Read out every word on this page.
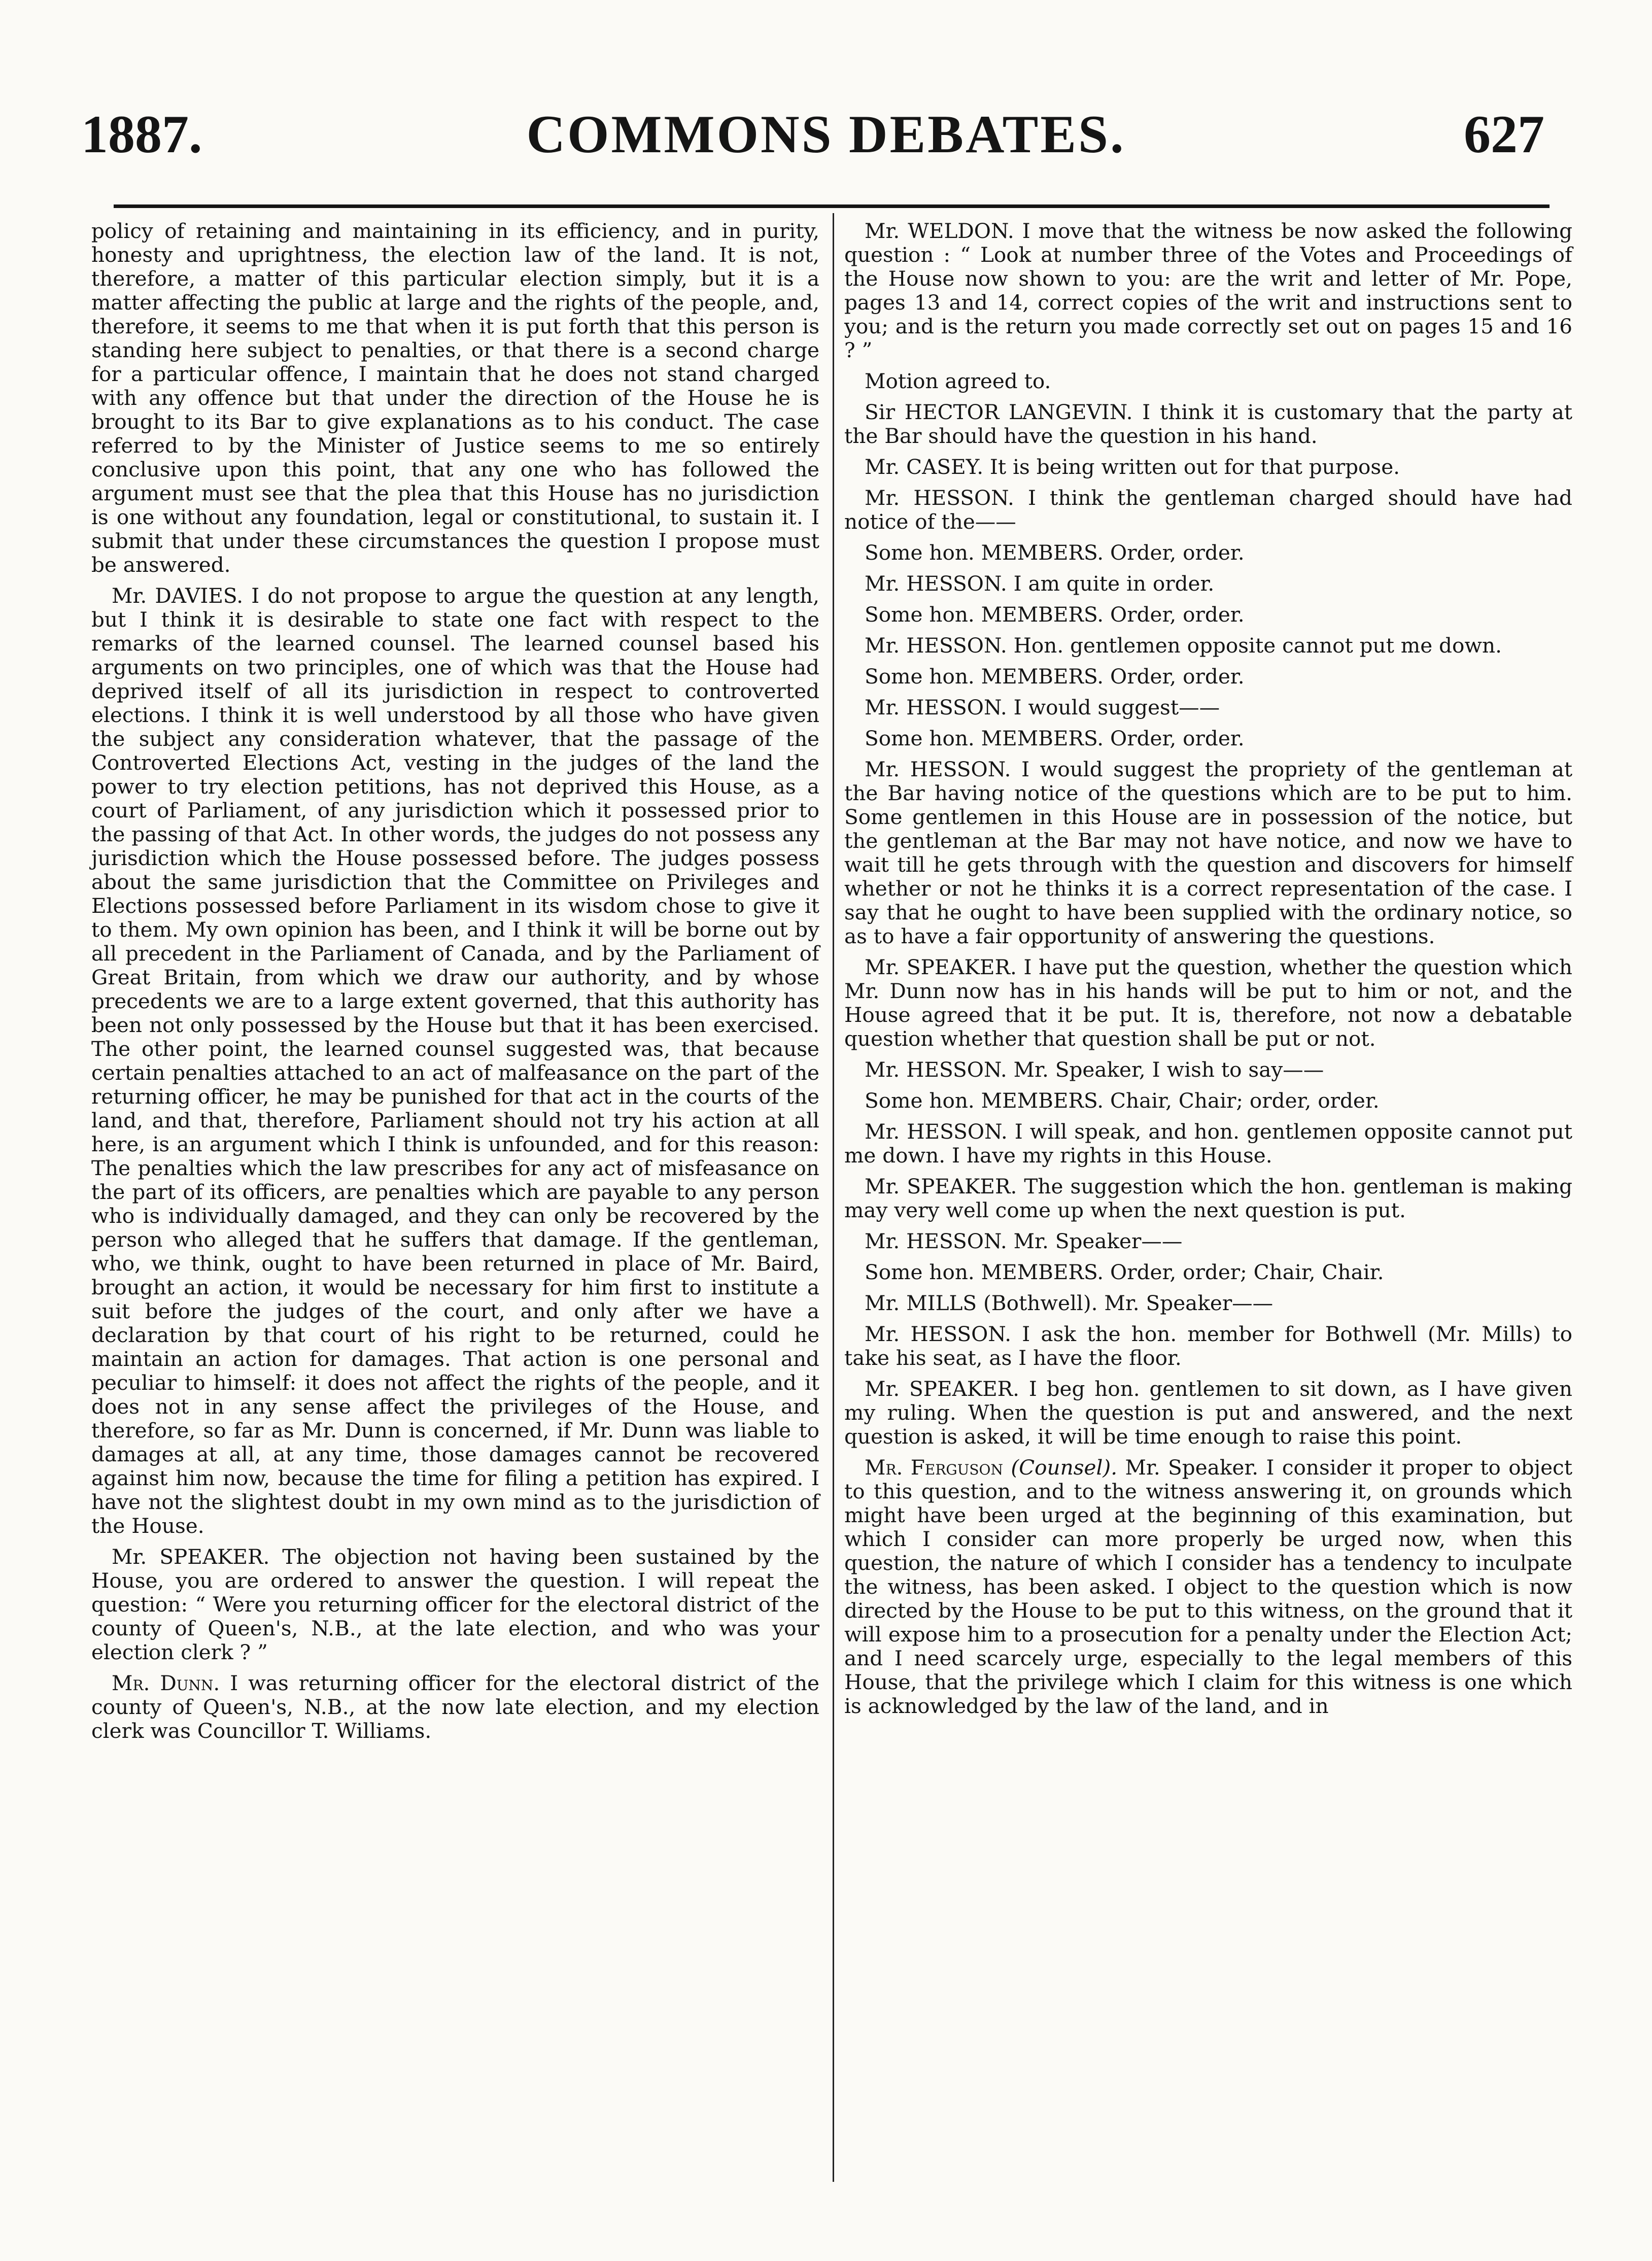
1887.	COMMONS DEBATES.	627

policy of retaining and maintaining in its efficiency, and in purity, honesty and uprightness, the election law of the land. It is not, therefore, a matter of this particular election simply, but it is a matter affecting the public at large and the rights of the people, and, therefore, it seems to me that when it is put forth that this person is standing here subject to penalties, or that there is a second charge for a particular offence, I maintain that he does not stand charged with any offence but that under the direction of the House he is brought to its Bar to give explanations as to his conduct. The case referred to by the Minister of Justice seems to me so entirely conclusive upon this point, that any one who has followed the argument must see that the plea that this House has no jurisdiction is one without any foundation, legal or constitutional, to sustain it. I submit that under these circumstances the question I propose must be answered.

Mr. DAVIES. I do not propose to argue the question at any length, but I think it is desirable to state one fact with respect to the remarks of the learned counsel. The learned counsel based his arguments on two principles, one of which was that the House had deprived itself of all its jurisdiction in respect to controverted elections. I think it is well understood by all those who have given the subject any consideration whatever, that the passage of the Controverted Elections Act, vesting in the judges of the land the power to try election petitions, has not deprived this House, as a court of Parliament, of any jurisdiction which it possessed prior to the passing of that Act. In other words, the judges do not possess any jurisdiction which the House possessed before. The judges possess about the same jurisdiction that the Committee on Privileges and Elections possessed before Parliament in its wisdom chose to give it to them. My own opinion has been, and I think it will be borne out by all precedent in the Parliament of Canada, and by the Parliament of Great Britain, from which we draw our authority, and by whose precedents we are to a large extent governed, that this authority has been not only possessed by the House but that it has been exercised. The other point, the learned counsel suggested was, that because certain penalties attached to an act of malfeasance on the part of the returning officer, he may be punished for that act in the courts of the land, and that, therefore, Parliament should not try his action at all here, is an argument which I think is unfounded, and for this reason: The penalties which the law prescribes for any act of misfeasance on the part of its officers, are penalties which are payable to any person who is individually damaged, and they can only be recovered by the person who alleged that he suffers that damage. If the gentleman, who, we think, ought to have been returned in place of Mr. Baird, brought an action, it would be necessary for him first to institute a suit before the judges of the court, and only after we have a declaration by that court of his right to be returned, could he maintain an action for damages. That action is one personal and peculiar to himself: it does not affect the rights of the people, and it does not in any sense affect the privileges of the House, and therefore, so far as Mr. Dunn is concerned, if Mr. Dunn was liable to damages at all, at any time, those damages cannot be recovered against him now, because the time for filing a petition has expired. I have not the slightest doubt in my own mind as to the jurisdiction of the House.

Mr. SPEAKER. The objection not having been sustained by the House, you are ordered to answer the question. I will repeat the question: “ Were you returning officer for the electoral district of the county of Queen's, N.B., at the late election, and who was your election clerk ? ”

Mr. Dunn. I was returning officer for the electoral district of the county of Queen's, N.B., at the now late election, and my election clerk was Councillor T. Williams.

Mr. WELDON. I move that the witness be now asked the following question : “ Look at number three of the Votes and Proceedings of the House now shown to you: are the writ and letter of Mr. Pope, pages 13 and 14, correct copies of the writ and instructions sent to you; and is the return you made correctly set out on pages 15 and 16 ? ”

Motion agreed to.

Sir HECTOR LANGEVIN. I think it is customary that the party at the Bar should have the question in his hand.

Mr. CASEY. It is being written out for that purpose.

Mr. HESSON. I think the gentleman charged should have had notice of the——

Some hon. MEMBERS. Order, order.

Mr. HESSON. I am quite in order.

Some hon. MEMBERS. Order, order.

Mr. HESSON. Hon. gentlemen opposite cannot put me down.

Some hon. MEMBERS. Order, order.

Mr. HESSON. I would suggest——

Some hon. MEMBERS. Order, order.

Mr. HESSON. I would suggest the propriety of the gentleman at the Bar having notice of the questions which are to be put to him. Some gentlemen in this House are in possession of the notice, but the gentleman at the Bar may not have notice, and now we have to wait till he gets through with the question and discovers for himself whether or not he thinks it is a correct representation of the case. I say that he ought to have been supplied with the ordinary notice, so as to have a fair opportunity of answering the questions.

Mr. SPEAKER. I have put the question, whether the question which Mr. Dunn now has in his hands will be put to him or not, and the House agreed that it be put. It is, therefore, not now a debatable question whether that question shall be put or not.

Mr. HESSON. Mr. Speaker, I wish to say——

Some hon. MEMBERS. Chair, Chair; order, order.

Mr. HESSON. I will speak, and hon. gentlemen opposite cannot put me down. I have my rights in this House.

Mr. SPEAKER. The suggestion which the hon. gentleman is making may very well come up when the next question is put.

Mr. HESSON. Mr. Speaker——

Some hon. MEMBERS. Order, order; Chair, Chair.

Mr. MILLS (Bothwell). Mr. Speaker——

Mr. HESSON. I ask the hon. member for Bothwell (Mr. Mills) to take his seat, as I have the floor.

Mr. SPEAKER. I beg hon. gentlemen to sit down, as I have given my ruling. When the question is put and answered, and the next question is asked, it will be time enough to raise this point.

Mr. Ferguson (Counsel). Mr. Speaker. I consider it proper to object to this question, and to the witness answering it, on grounds which might have been urged at the beginning of this examination, but which I consider can more properly be urged now, when this question, the nature of which I consider has a tendency to inculpate the witness, has been asked. I object to the question which is now directed by the House to be put to this witness, on the ground that it will expose him to a prosecution for a penalty under the Election Act; and I need scarcely urge, especially to the legal members of this House, that the privilege which I claim for this witness is one which is acknowledged by the law of the land, and in
